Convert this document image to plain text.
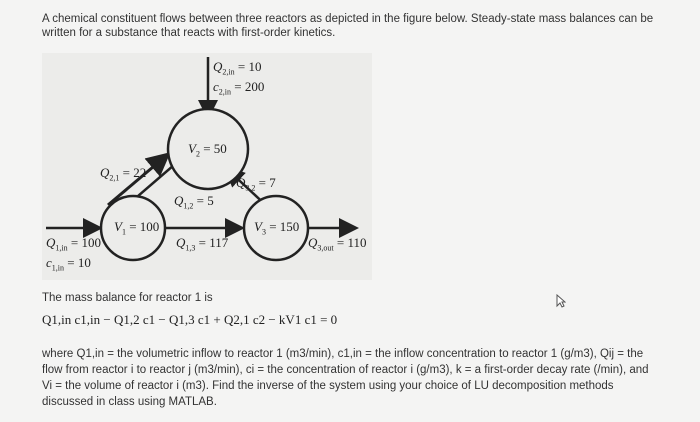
A chemical constituent flows between three reactors as depicted in the figure below. Steady-state mass balances can be written for a substance that reacts with first-order kinetics.
$Q_{2,in} = 10$
$c_{2,in} = 200$
$V_2 = 50$
$Q_{2,1} = 22$
$Q_{3,2} = 7$
$Q_{1,2} = 5$
$V_1 = 100$	$V_3 = 150$
$Q_{1,3} = 117$
$Q_{1,in} = 100$
$c_{1,in} = 10$
$Q_{3,out} = 110$
The mass balance for reactor 1 is
Q1,in c1,in − Q1,2 c1 − Q1,3 c1 + Q2,1 c2 − kV1 c1 = 0
where Q1,in = the volumetric inflow to reactor 1 (m3/min), c1,in = the inflow concentration to reactor 1 (g/m3), Qij = the flow from reactor i to reactor j (m3/min), ci = the concentration of reactor i (g/m3), k = a first-order decay rate (/min), and Vi = the volume of reactor i (m3). Find the inverse of the system using your choice of LU decomposition methods discussed in class using MATLAB.
